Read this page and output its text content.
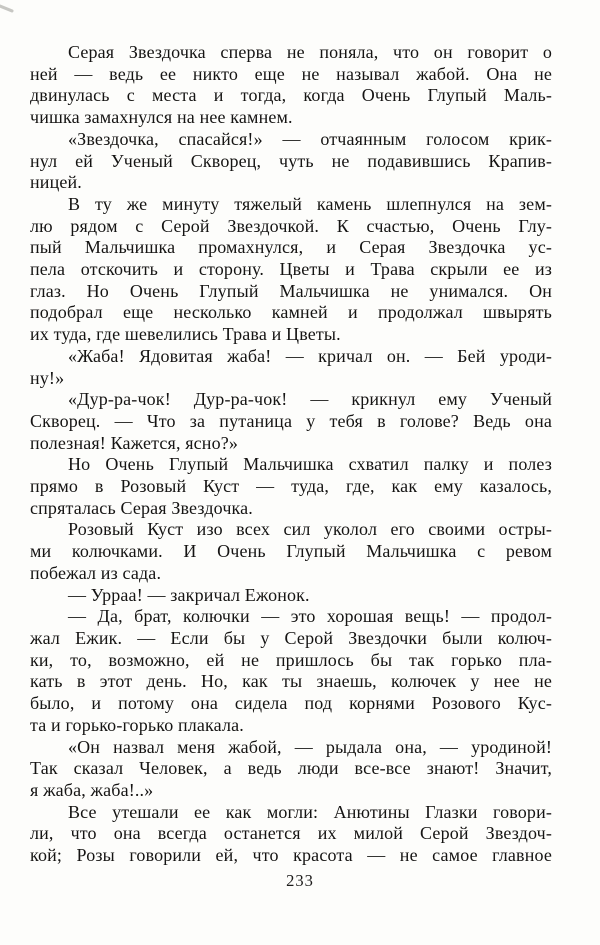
Серая Звездочка сперва не поняла, что он говорит о
ней — ведь ее никто еще не называл жабой. Она не
двинулась с места и тогда, когда Очень Глупый Маль-
чишка замахнулся на нее камнем.
«Звездочка, спасайся!» — отчаянным голосом крик-
нул ей Ученый Скворец, чуть не подавившись Крапив-
ницей.
В ту же минуту тяжелый камень шлепнулся на зем-
лю рядом с Серой Звездочкой. К счастью, Очень Глу-
пый Мальчишка промахнулся, и Серая Звездочка ус-
пела отскочить и сторону. Цветы и Трава скрыли ее из
глаз. Но Очень Глупый Мальчишка не унимался. Он
подобрал еще несколько камней и продолжал швырять
их туда, где шевелились Трава и Цветы.
«Жаба! Ядовитая жаба! — кричал он. — Бей уроди-
ну!»
«Дур-ра-чок! Дур-ра-чок! — крикнул ему Ученый
Скворец. — Что за путаница у тебя в голове? Ведь она
полезная! Кажется, ясно?»
Но Очень Глупый Мальчишка схватил палку и полез
прямо в Розовый Куст — туда, где, как ему казалось,
спряталась Серая Звездочка.
Розовый Куст изо всех сил уколол его своими остры-
ми колючками. И Очень Глупый Мальчишка с ревом
побежал из сада.
— Урраа! — закричал Ежонок.
— Да, брат, колючки — это хорошая вещь! — продол-
жал Ежик. — Если бы у Серой Звездочки были колюч-
ки, то, возможно, ей не пришлось бы так горько пла-
кать в этот день. Но, как ты знаешь, колючек у нее не
было, и потому она сидела под корнями Розового Кус-
та и горько-горько плакала.
«Он назвал меня жабой, — рыдала она, — уродиной!
Так сказал Человек, а ведь люди все-все знают! Значит,
я жаба, жаба!..»
Все утешали ее как могли: Анютины Глазки говори-
ли, что она всегда останется их милой Серой Звездоч-
кой; Розы говорили ей, что красота — не самое главное
233
